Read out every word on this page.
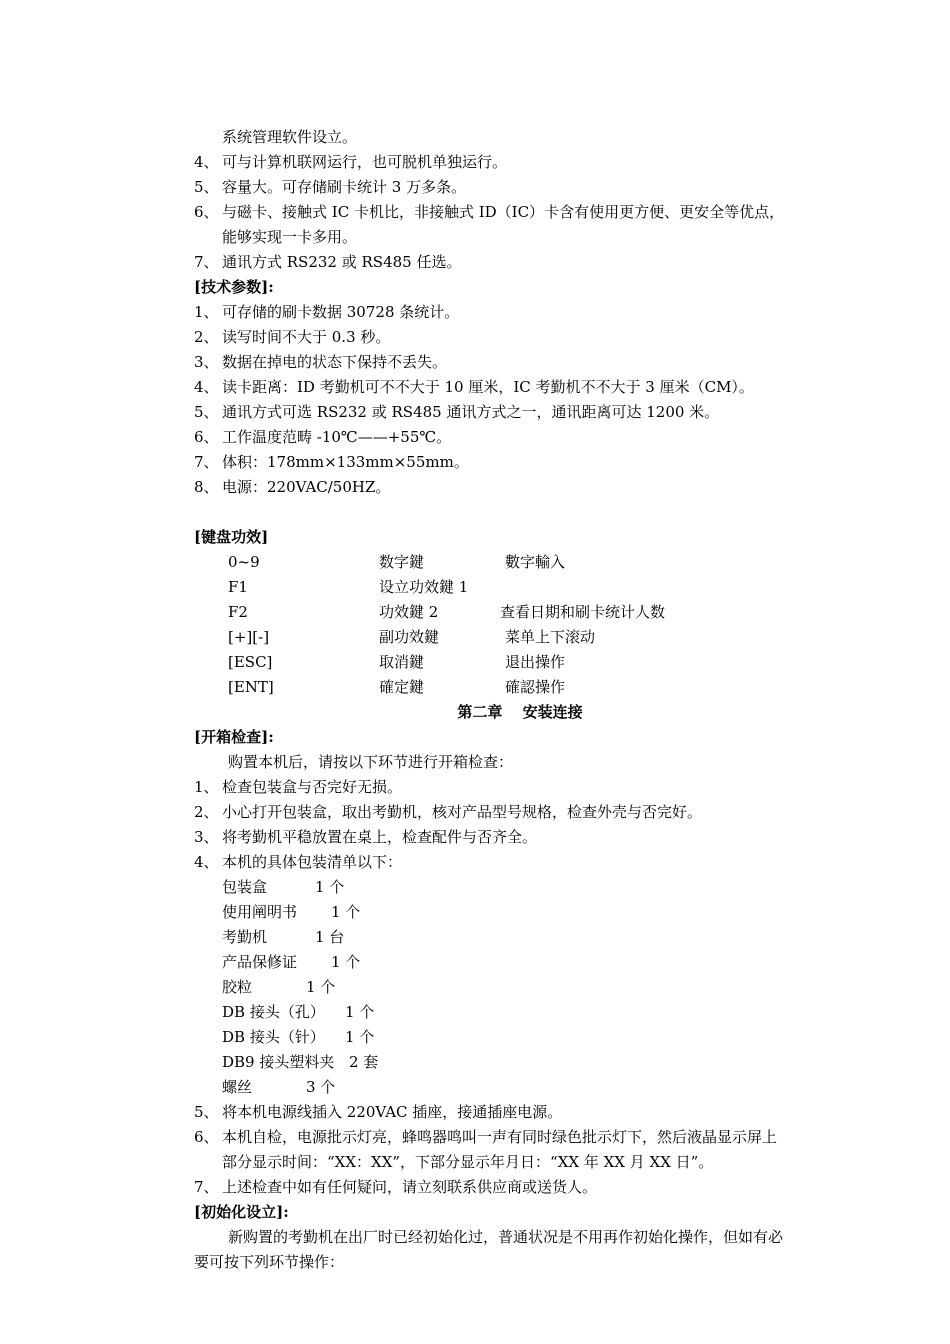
系统管理软件设立。
4、 可与计算机联网运行，也可脱机单独运行。
5、 容量大。可存储刷卡统计 3 万多条。
6、 与磁卡、接触式 IC 卡机比，非接触式 ID（IC）卡含有使用更方便、更安全等优点，
能够实现一卡多用。
7、 通讯方式 RS232 或 RS485 任选。
[技术参数]:
1、 可存储的刷卡数据 30728 条统计。
2、 读写时间不大于 0.3 秒。
3、 数据在掉电的状态下保持不丢失。
4、 读卡距离：ID 考勤机可不不大于 10 厘米，IC 考勤机不不大于 3 厘米（CM）。
5、 通讯方式可选 RS232 或 RS485 通讯方式之一，通讯距离可达 1200 米。
6、 工作温度范畴 -10℃——+55℃。
7、 体积：178mm×133mm×55mm。
8、 电源：220VAC/50HZ。
[键盘功效]
0~9	数字鍵	數字輸入
F1	设立功效鍵 1
F2	功效鍵 2	查看日期和刷卡统计人数
[+][-]	副功效鍵	菜单上下滚动
[ESC]	取消鍵	退出操作
[ENT]	確定鍵	確認操作
第二章　 安装连接
[开箱检查]:
购置本机后，请按以下环节进行开箱检查：
1、 检查包装盒与否完好无损。
2、 小心打开包装盒，取出考勤机，核对产品型号规格，检查外壳与否完好。
3、 将考勤机平稳放置在桌上，检查配件与否齐全。
4、 本机的具体包装清单以下：
包装盒	1 个
使用阐明书 1 个
考勤机	1 台
产品保修证 1 个
胶粒	1 个
DB 接头（孔） 1 个
DB 接头（针） 1 个
DB9 接头塑料夹 2 套
螺丝	3 个
5、 将本机电源线插入 220VAC 插座，接通插座电源。
6、 本机自检，电源批示灯亮，蜂鸣器鸣叫一声有同时绿色批示灯下，然后液晶显示屏上
部分显示时间：“XX：XX”，下部分显示年月日：“XX 年 XX 月 XX 日”。
7、 上述检查中如有任何疑问，请立刻联系供应商或送货人。
[初始化设立]:
新购置的考勤机在出厂时已经初始化过，普通状况是不用再作初始化操作，但如有必
要可按下列环节操作：
